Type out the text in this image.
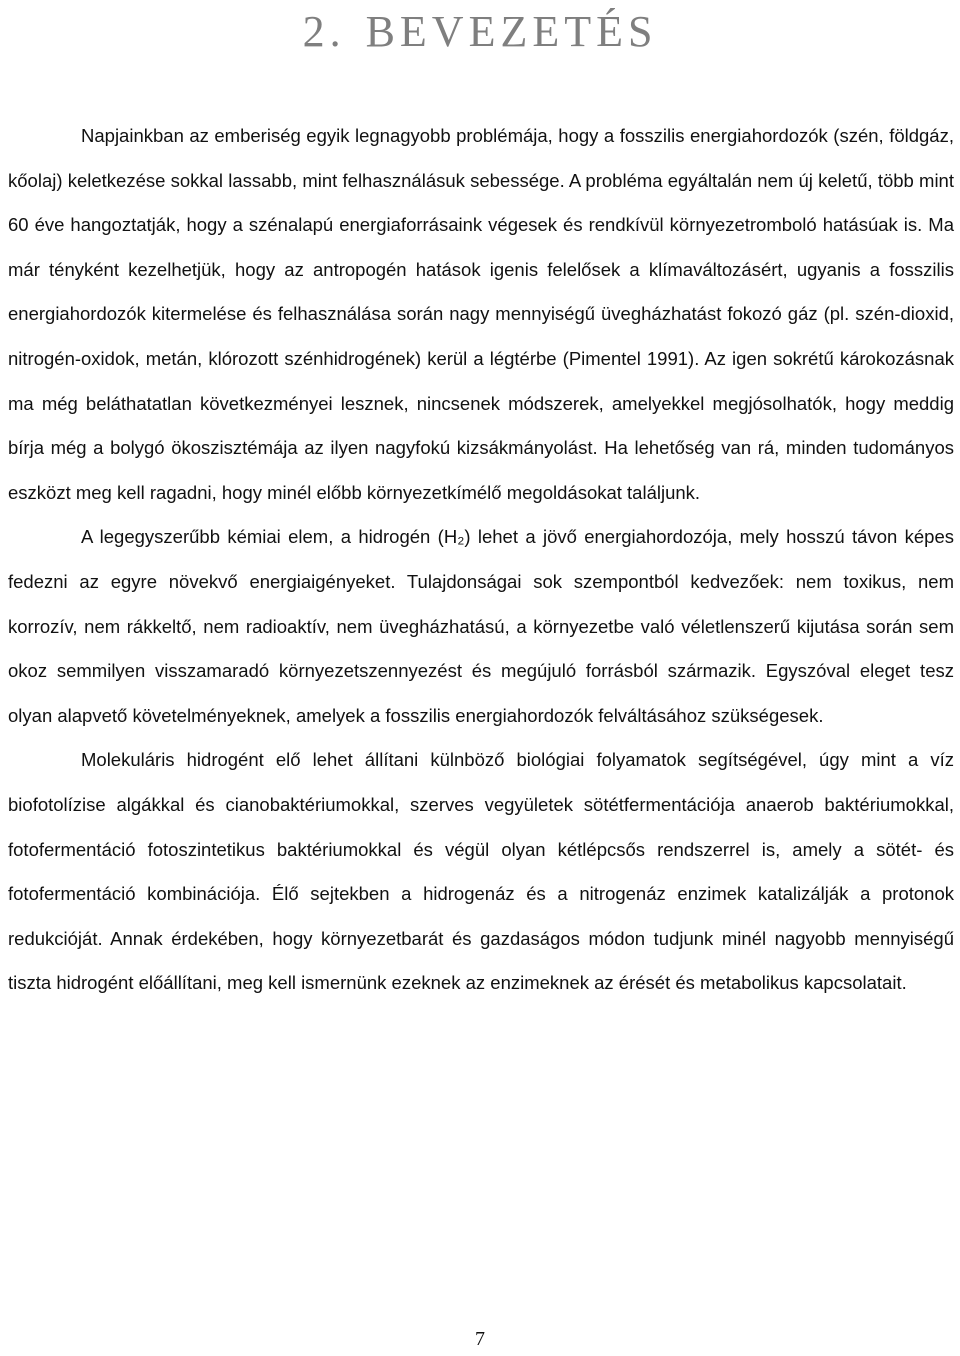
2. BEVEZETÉS

Napjainkban az emberiség egyik legnagyobb problémája, hogy a fosszilis energiahordozók (szén, földgáz, kőolaj) keletkezése sokkal lassabb, mint felhasználásuk sebessége. A probléma egyáltalán nem új keletű, több mint 60 éve hangoztatják, hogy a szénalapú energiaforrásaink végesek és rendkívül környezetromboló hatásúak is. Ma már tényként kezelhetjük, hogy az antropogén hatások igenis felelősek a klímaváltozásért, ugyanis a fosszilis energiahordozók kitermelése és felhasználása során nagy mennyiségű üvegházhatást fokozó gáz (pl. szén-dioxid, nitrogén-oxidok, metán, klórozott szénhidrogének) kerül a légtérbe (Pimentel 1991). Az igen sokrétű károkozásnak ma még beláthatatlan következményei lesznek, nincsenek módszerek, amelyekkel megjósolhatók, hogy meddig bírja még a bolygó ökoszisztémája az ilyen nagyfokú kizsákmányolást. Ha lehetőség van rá, minden tudományos eszközt meg kell ragadni, hogy minél előbb környezetkímélő megoldásokat találjunk.

A legegyszerűbb kémiai elem, a hidrogén (H₂) lehet a jövő energiahordozója, mely hosszú távon képes fedezni az egyre növekvő energiaigényeket. Tulajdonságai sok szempontból kedvezőek: nem toxikus, nem korrozív, nem rákkeltő, nem radioaktív, nem üvegházhatású, a környezetbe való véletlenszerű kijutása során sem okoz semmilyen visszamaradó környezetszennyezést és megújuló forrásból származik. Egyszóval eleget tesz olyan alapvető követelményeknek, amelyek a fosszilis energiahordozók felváltásához szükségesek.

Molekuláris hidrogént elő lehet állítani külnböző biológiai folyamatok segítségével, úgy mint a víz biofotolízise algákkal és cianobaktériumokkal, szerves vegyületek sötétfermentációja anaerob baktériumokkal, fotofermentáció fotoszintetikus baktériumokkal és végül olyan kétlépcsős rendszerrel is, amely a sötét- és fotofermentáció kombinációja. Élő sejtekben a hidrogenáz és a nitrogenáz enzimek katalizálják a protonok redukcióját. Annak érdekében, hogy környezetbarát és gazdaságos módon tudjunk minél nagyobb mennyiségű tiszta hidrogént előállítani, meg kell ismernünk ezeknek az enzimeknek az érését és metabolikus kapcsolatait.

7
